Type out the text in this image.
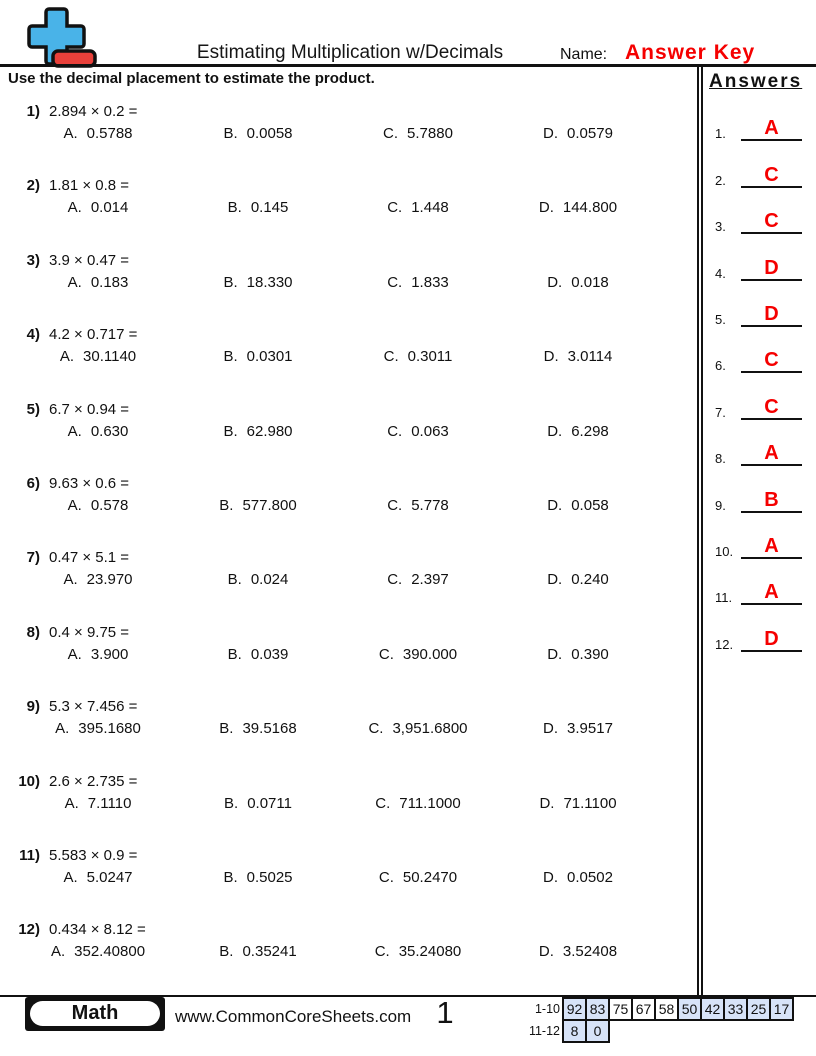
Estimating Multiplication w/Decimals	Name: Answer Key
Use the decimal placement to estimate the product.
1) 2.894 × 0.2 =
A. 0.5788	B. 0.0058	C. 5.7880	D. 0.0579
2) 1.81 × 0.8 =
A. 0.014	B. 0.145	C. 1.448	D. 144.800
3) 3.9 × 0.47 =
A. 0.183	B. 18.330	C. 1.833	D. 0.018
4) 4.2 × 0.717 =
A. 30.1140	B. 0.0301	C. 0.3011	D. 3.0114
5) 6.7 × 0.94 =
A. 0.630	B. 62.980	C. 0.063	D. 6.298
6) 9.63 × 0.6 =
A. 0.578	B. 577.800	C. 5.778	D. 0.058
7) 0.47 × 5.1 =
A. 23.970	B. 0.024	C. 2.397	D. 0.240
8) 0.4 × 9.75 =
A. 3.900	B. 0.039	C. 390.000	D. 0.390
9) 5.3 × 7.456 =
A. 395.1680	B. 39.5168	C. 3,951.6800	D. 3.9517
10) 2.6 × 2.735 =
A. 7.1110	B. 0.0711	C. 711.1000	D. 71.1100
11) 5.583 × 0.9 =
A. 5.0247	B. 0.5025	C. 50.2470	D. 0.0502
12) 0.434 × 8.12 =
A. 352.40800	B. 0.35241	C. 35.24080	D. 3.52408
Answers
1.	A
2.	C
3.	C
4.	D
5.	D
6.	C
7.	C
8.	A
9.	B
10.	A
11.	A
12.	D
Math	www.CommonCoreSheets.com 1	1-10 92 83 75 67 58 50 42 33 25 17
11-12 8	0
